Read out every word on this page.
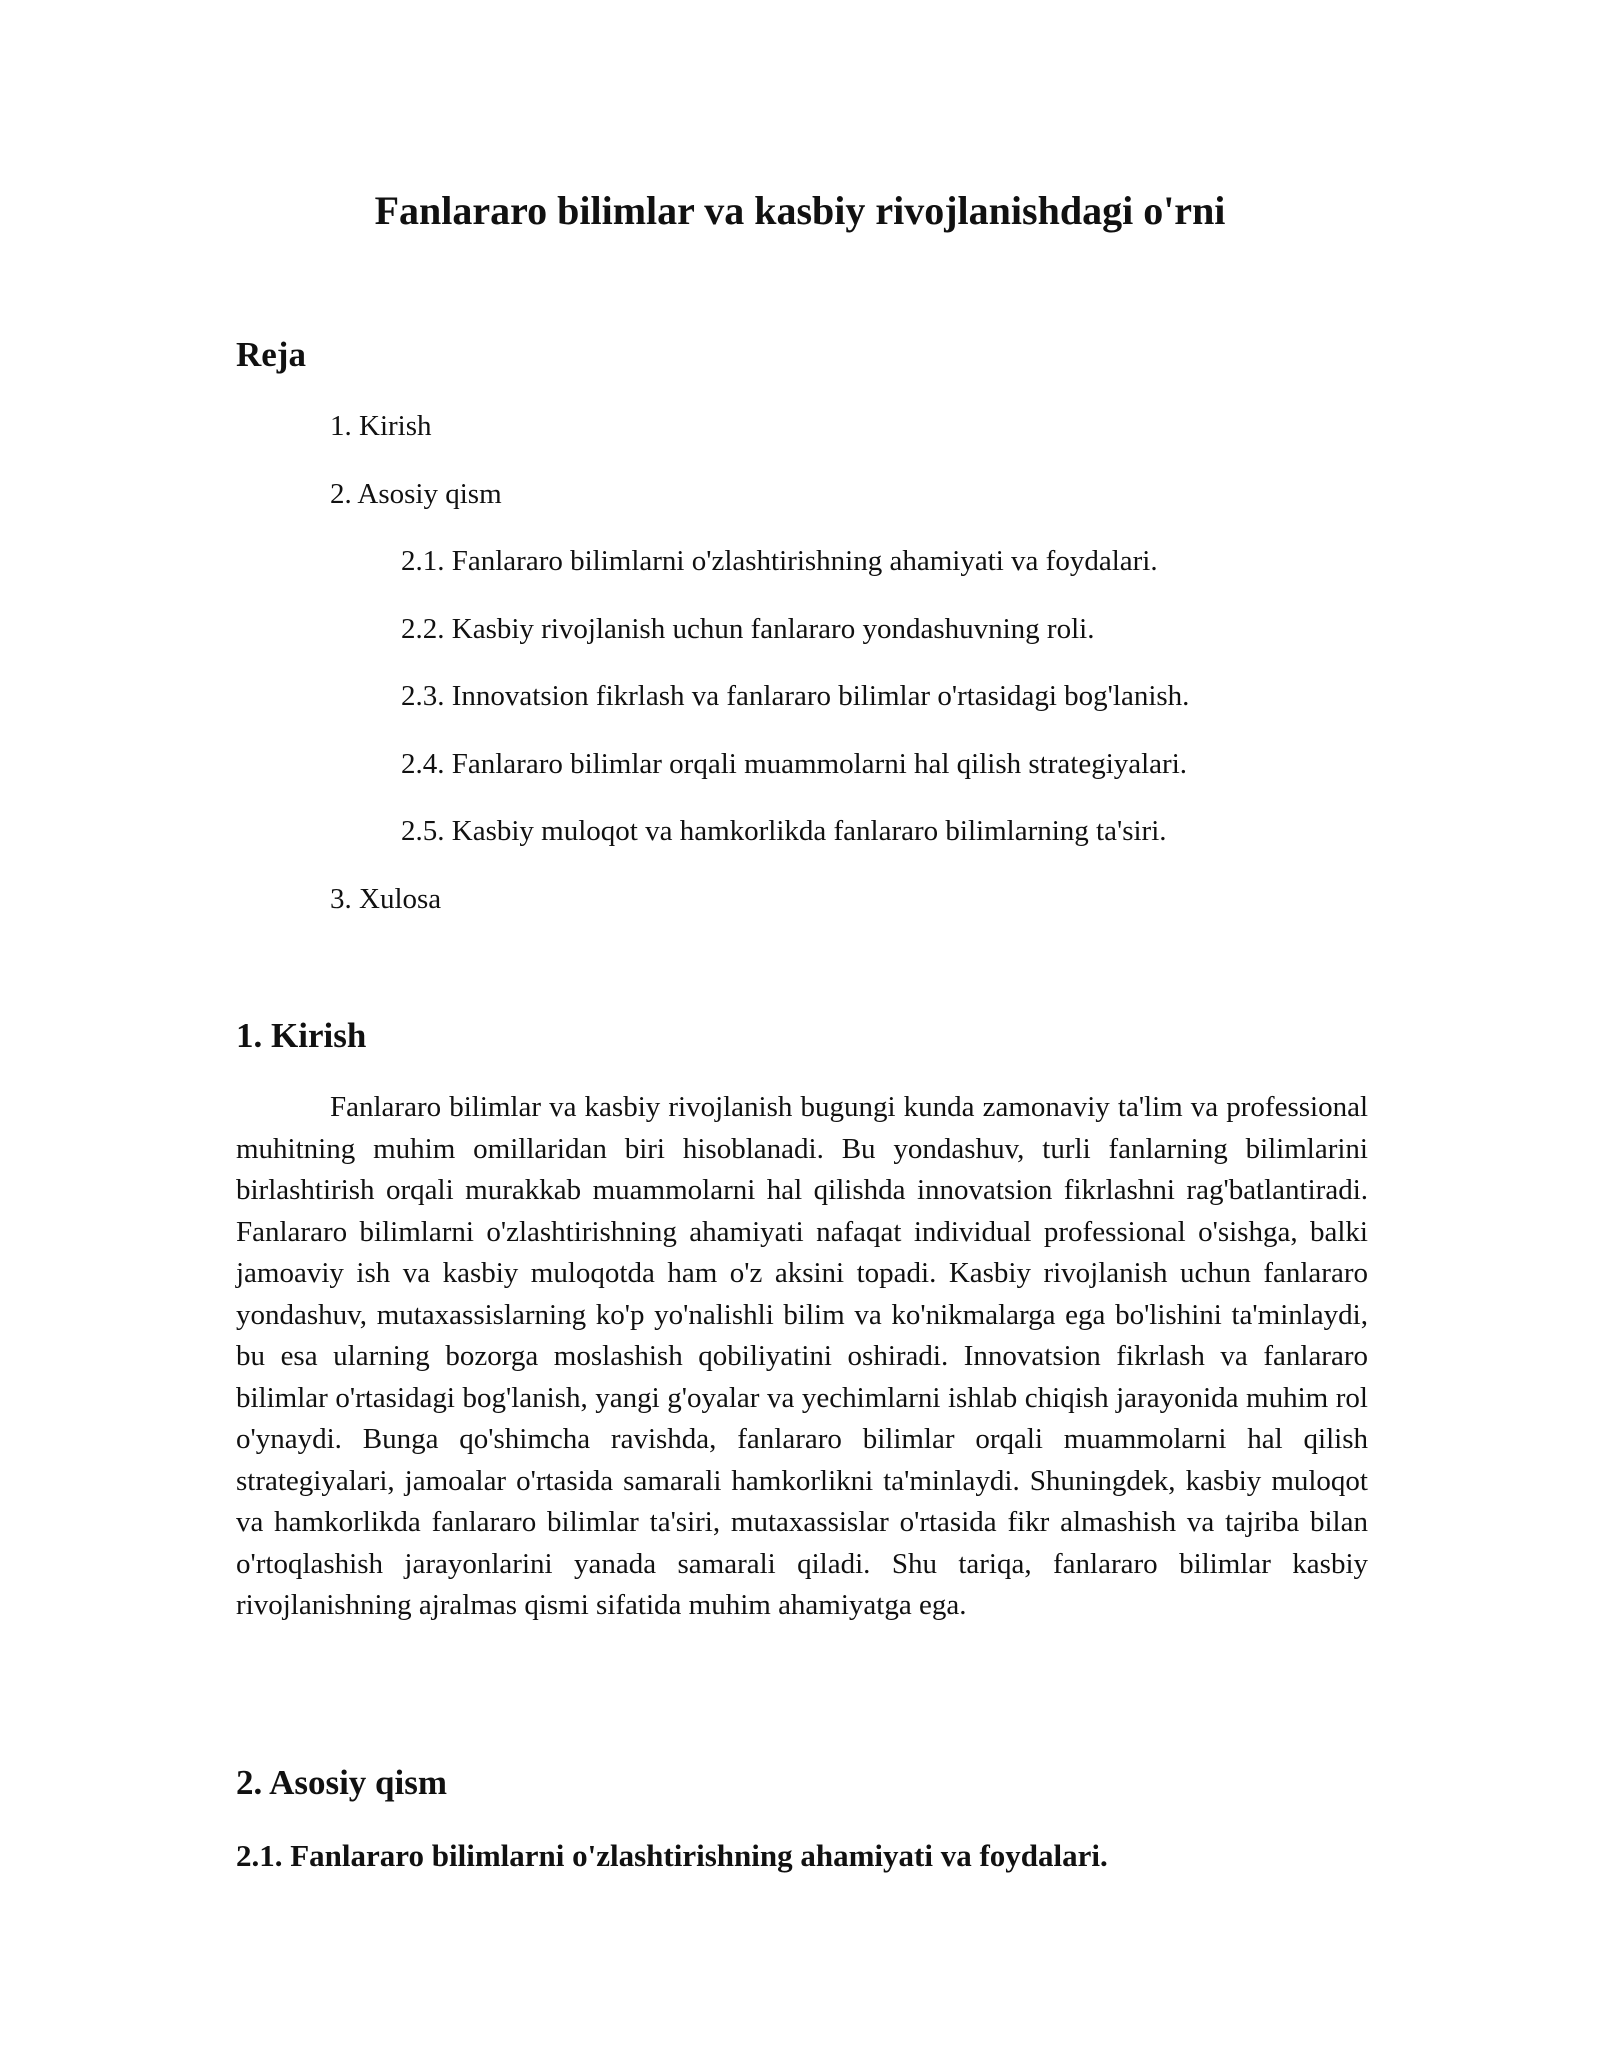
Fanlararo bilimlar va kasbiy rivojlanishdagi o'rni
Reja

1. Kirish

2. Asosiy qism

2.1. Fanlararo bilimlarni o'zlashtirishning ahamiyati va foydalari.

2.2. Kasbiy rivojlanish uchun fanlararo yondashuvning roli.

2.3. Innovatsion fikrlash va fanlararo bilimlar o'rtasidagi bog'lanish.

2.4. Fanlararo bilimlar orqali muammolarni hal qilish strategiyalari.

2.5. Kasbiy muloqot va hamkorlikda fanlararo bilimlarning ta'siri.

3. Xulosa

1. Kirish

Fanlararo bilimlar va kasbiy rivojlanish bugungi kunda zamonaviy ta'lim va professional muhitning muhim omillaridan biri hisoblanadi. Bu yondashuv, turli fanlarning bilimlarini birlashtirish orqali murakkab muammolarni hal qilishda innovatsion fikrlashni rag'batlantiradi. Fanlararo bilimlarni o'zlashtirishning ahamiyati nafaqat individual professional o'sishga, balki jamoaviy ish va kasbiy muloqotda ham o'z aksini topadi. Kasbiy rivojlanish uchun fanlararo yondashuv, mutaxassislarning ko'p yo'nalishli bilim va ko'nikmalarga ega bo'lishini ta'minlaydi, bu esa ularning bozorga moslashish qobiliyatini oshiradi. Innovatsion fikrlash va fanlararo bilimlar o'rtasidagi bog'lanish, yangi g'oyalar va yechimlarni ishlab chiqish jarayonida muhim rol o'ynaydi. Bunga qo'shimcha ravishda, fanlararo bilimlar orqali muammolarni hal qilish strategiyalari, jamoalar o'rtasida samarali hamkorlikni ta'minlaydi. Shuningdek, kasbiy muloqot va hamkorlikda fanlararo bilimlar ta'siri, mutaxassislar o'rtasida fikr almashish va tajriba bilan o'rtoqlashish jarayonlarini yanada samarali qiladi. Shu tariqa, fanlararo bilimlar kasbiy rivojlanishning ajralmas qismi sifatida muhim ahamiyatga ega.

2. Asosiy qism
2.1. Fanlararo bilimlarni o'zlashtirishning ahamiyati va foydalari.
